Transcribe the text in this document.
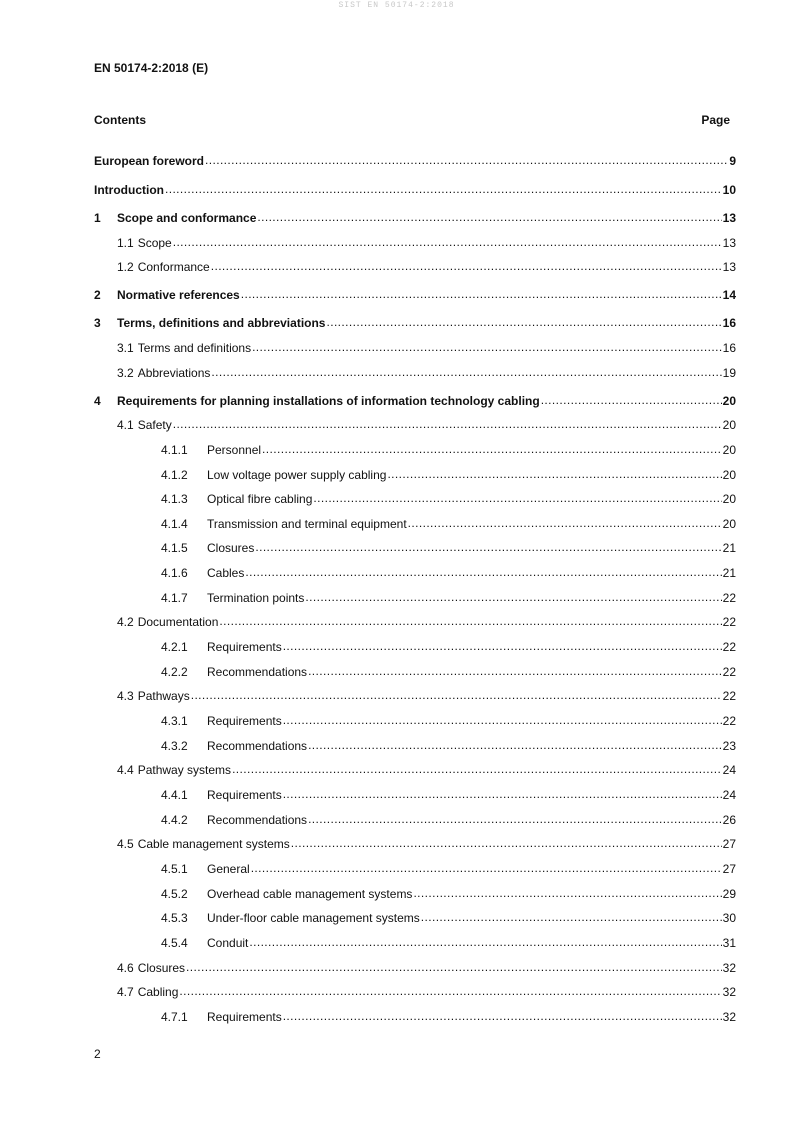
SIST EN 50174-2:2018
EN 50174-2:2018 (E)
Contents	Page
European foreword .....	9
Introduction .....	10
1	Scope and conformance .....	13
1.1 Scope .....	13
1.2 Conformance .....	13
2	Normative references .....	14
3	Terms, definitions and abbreviations .....	16
3.1 Terms and definitions .....	16
3.2 Abbreviations .....	19
4	Requirements for planning installations of information technology cabling .....	20
4.1 Safety .....	20
4.1.1	Personnel .....	20
4.1.2	Low voltage power supply cabling .....	20
4.1.3	Optical fibre cabling .....	20
4.1.4	Transmission and terminal equipment .....	20
4.1.5	Closures .....	21
4.1.6	Cables .....	21
4.1.7	Termination points .....	22
4.2 Documentation .....	22
4.2.1	Requirements .....	22
4.2.2	Recommendations .....	22
4.3 Pathways .....	22
4.3.1	Requirements .....	22
4.3.2	Recommendations .....	23
4.4 Pathway systems .....	24
4.4.1	Requirements .....	24
4.4.2	Recommendations .....	26
4.5 Cable management systems .....	27
4.5.1	General .....	27
4.5.2	Overhead cable management systems .....	29
4.5.3	Under-floor cable management systems .....	30
4.5.4	Conduit .....	31
4.6 Closures .....	32
4.7 Cabling .....	32
4.7.1	Requirements .....	32
2
